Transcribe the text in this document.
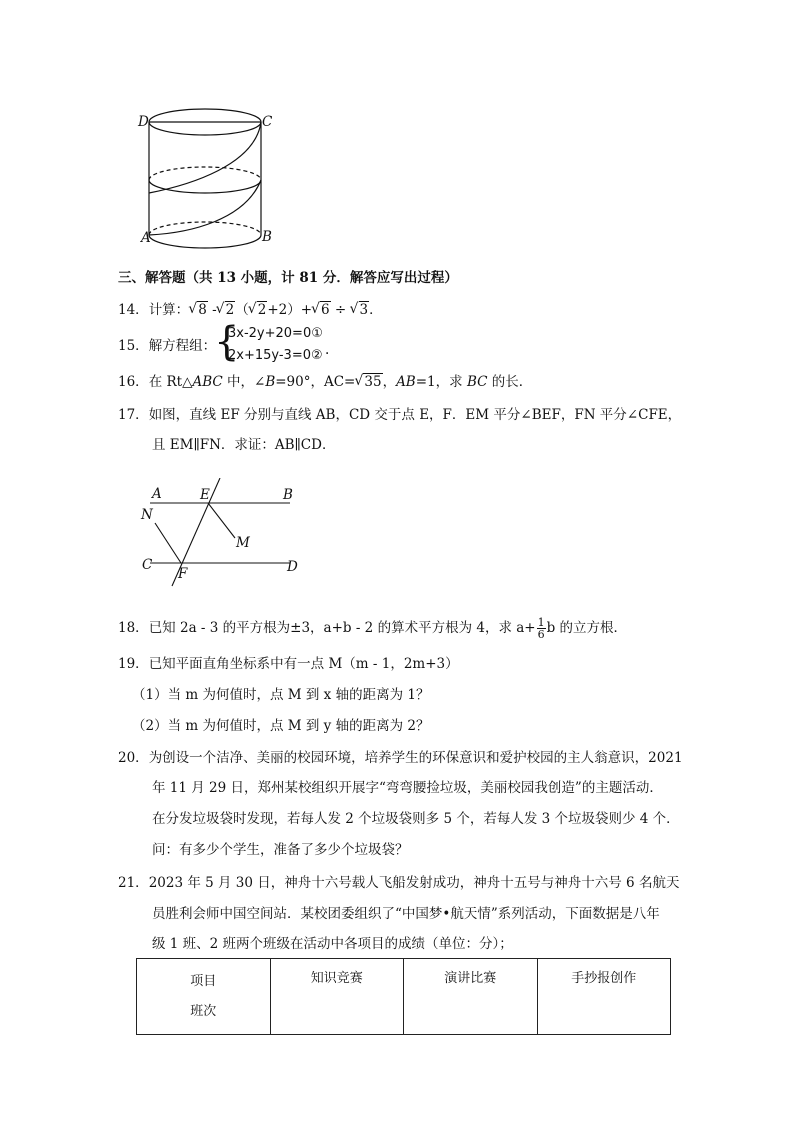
D	C
A	B
三、解答题（共 13 小题，计 81 分．解答应写出过程）
14．计算： √ 8 - √ 2（ √ 2+2）+ √ 6 ÷ √ 3．
15．解方程组：
{
3x-2y+20=0①
2x+15y-3=0② .
16．在 Rt△ABC 中，∠B=90°，AC= √ 35，AB=1，求 BC 的长．
17．如图，直线 EF 分别与直线 AB，CD 交于点 E，F．EM 平分∠BEF，FN 平分∠CFE，
且 EM∥FN．求证：AB∥CD．
A	E	B
N
M
C
F	D
18．已知 2a - 3 的平方根为±3，a+b - 2 的算术平方根为 4，求 $a+ \frac{1}{6}$ b 的立方根．
19．已知平面直角坐标系中有一点 M（m - 1，2m+3）
（1）当 m 为何值时，点 M 到 x 轴的距离为 1？
（2）当 m 为何值时，点 M 到 y 轴的距离为 2？
20．为创设一个洁净、美丽的校园环境，培养学生的环保意识和爱护校园的主人翁意识，2021
年 11 月 29 日，郑州某校组织开展字“弯弯腰捡垃圾，美丽校园我创造”的主题活动．
在分发垃圾袋时发现，若每人发 2 个垃圾袋则多 5 个，若每人发 3 个垃圾袋则少 4 个．
问：有多少个学生，准备了多少个垃圾袋？
21．2023 年 5 月 30 日，神舟十六号载人飞船发射成功，神舟十五号与神舟十六号 6 名航天
员胜利会师中国空间站．某校团委组织了“中国梦•航天情”系列活动，下面数据是八年
级 1 班、2 班两个班级在活动中各项目的成绩（单位：分）；
项目
班次
	知识竞赛	演讲比赛	手抄报创作
